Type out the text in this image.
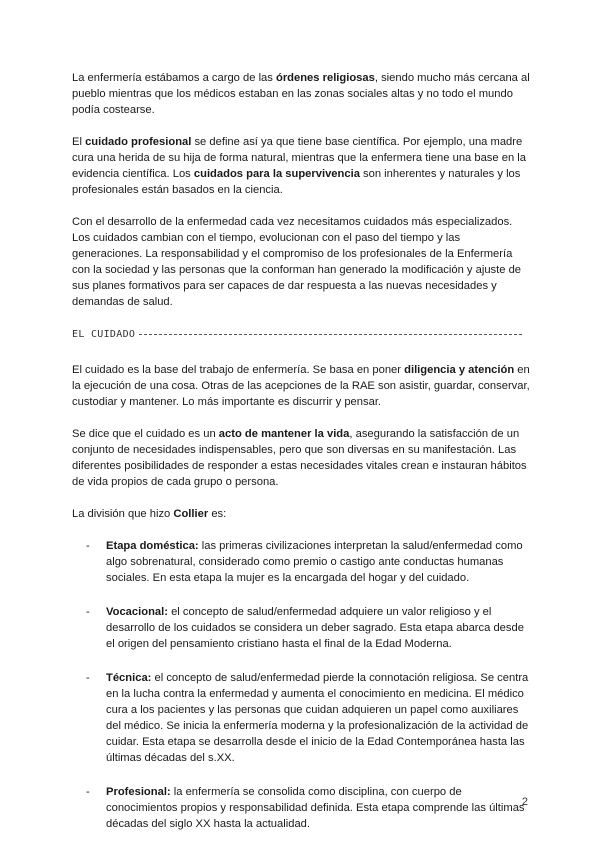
La enfermería estábamos a cargo de las órdenes religiosas, siendo mucho más cercana al pueblo mientras que los médicos estaban en las zonas sociales altas y no todo el mundo podía costearse.

El cuidado profesional se define así ya que tiene base científica. Por ejemplo, una madre cura una herida de su hija de forma natural, mientras que la enfermera tiene una base en la evidencia científica. Los cuidados para la supervivencia son inherentes y naturales y los profesionales están basados en la ciencia.

Con el desarrollo de la enfermedad cada vez necesitamos cuidados más especializados. Los cuidados cambian con el tiempo, evolucionan con el paso del tiempo y las generaciones. La responsabilidad y el compromiso de los profesionales de la Enfermería con la sociedad y las personas que la conforman han generado la modificación y ajuste de sus planes formativos para ser capaces de dar respuesta a las nuevas necesidades y demandas de salud.

EL CUIDADO

El cuidado es la base del trabajo de enfermería. Se basa en poner diligencia y atención en la ejecución de una cosa. Otras de las acepciones de la RAE son asistir, guardar, conservar, custodiar y mantener. Lo más importante es discurrir y pensar.

Se dice que el cuidado es un acto de mantener la vida, asegurando la satisfacción de un conjunto de necesidades indispensables, pero que son diversas en su manifestación. Las diferentes posibilidades de responder a estas necesidades vitales crean e instauran hábitos de vida propios de cada grupo o persona.

La división que hizo Collier es:

- Etapa doméstica: las primeras civilizaciones interpretan la salud/enfermedad como algo sobrenatural, considerado como premio o castigo ante conductas humanas sociales. En esta etapa la mujer es la encargada del hogar y del cuidado.
- Vocacional: el concepto de salud/enfermedad adquiere un valor religioso y el desarrollo de los cuidados se considera un deber sagrado. Esta etapa abarca desde el origen del pensamiento cristiano hasta el final de la Edad Moderna.
- Técnica: el concepto de salud/enfermedad pierde la connotación religiosa. Se centra en la lucha contra la enfermedad y aumenta el conocimiento en medicina. El médico cura a los pacientes y las personas que cuidan adquieren un papel como auxiliares del médico. Se inicia la enfermería moderna y la profesionalización de la actividad de cuidar. Esta etapa se desarrolla desde el inicio de la Edad Contemporánea hasta las últimas décadas del s.XX.
- Profesional: la enfermería se consolida como disciplina, con cuerpo de conocimientos propios y responsabilidad definida. Esta etapa comprende las últimas décadas del siglo XX hasta la actualidad.
2
